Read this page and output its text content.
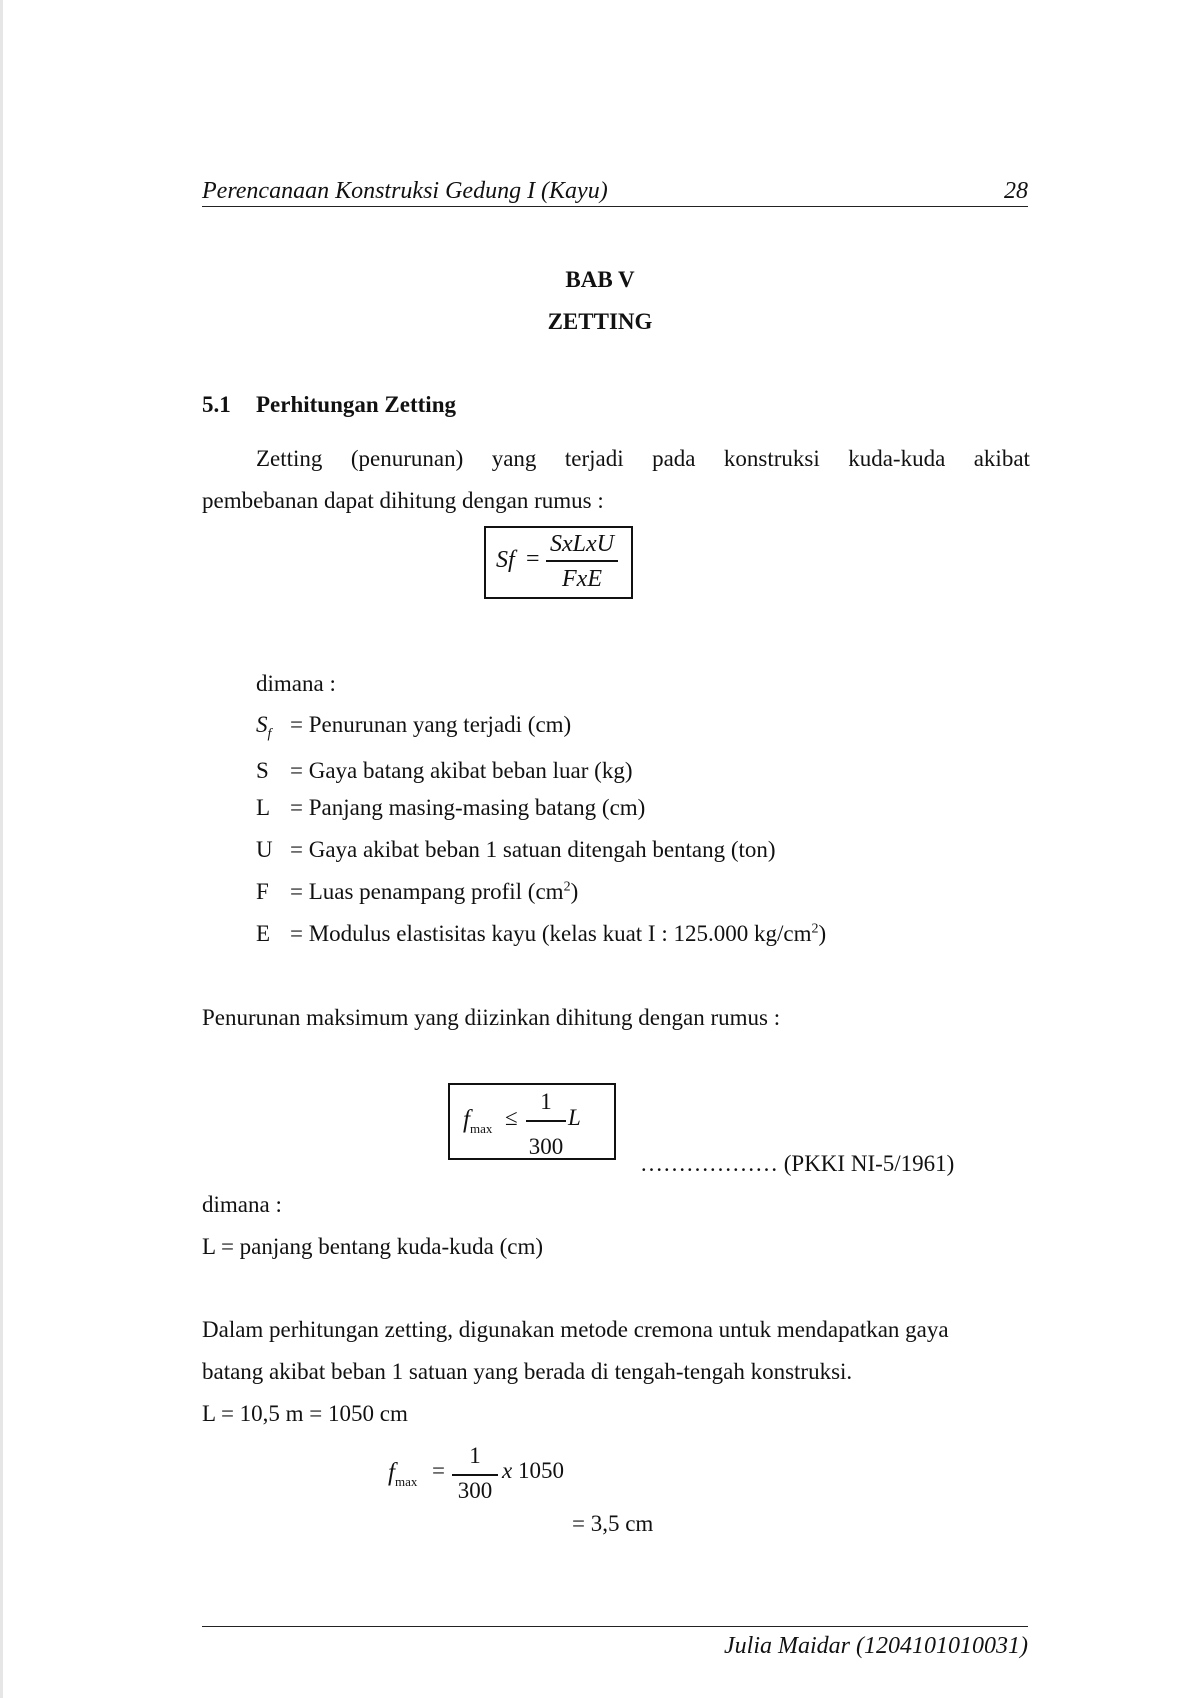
Perencanaan Konstruksi Gedung I (Kayu)	28
BAB V
ZETTING
5.1 Perhitungan Zetting
Zetting (penurunan) yang terjadi pada konstruksi kuda-kuda akibat
pembebanan dapat dihitung dengan rumus :
Sf =
SxLxU
FxE
dimana :
$S_f$ = Penurunan yang terjadi (cm)
S = Gaya batang akibat beban luar (kg)
L = Panjang masing-masing batang (cm)
U = Gaya akibat beban 1 satuan ditengah bentang (ton)
F = Luas penampang profil $(cm^2)$
E = Modulus elastisitas kayu (kelas kuat I : 125.000 $kg/cm^2$)
Penurunan maksimum yang diizinkan dihitung dengan rumus :
$f_{max}$ ≤
1
300
L
……………… (PKKI NI-5/1961)
dimana :
L = panjang bentang kuda-kuda (cm)
Dalam perhitungan zetting, digunakan metode cremona untuk mendapatkan gaya
batang akibat beban 1 satuan yang berada di tengah-tengah konstruksi.
L = 10,5 m = 1050 cm
$f_{max}$ =
1
300
x 1050
= 3,5 cm
Julia Maidar (1204101010031)
